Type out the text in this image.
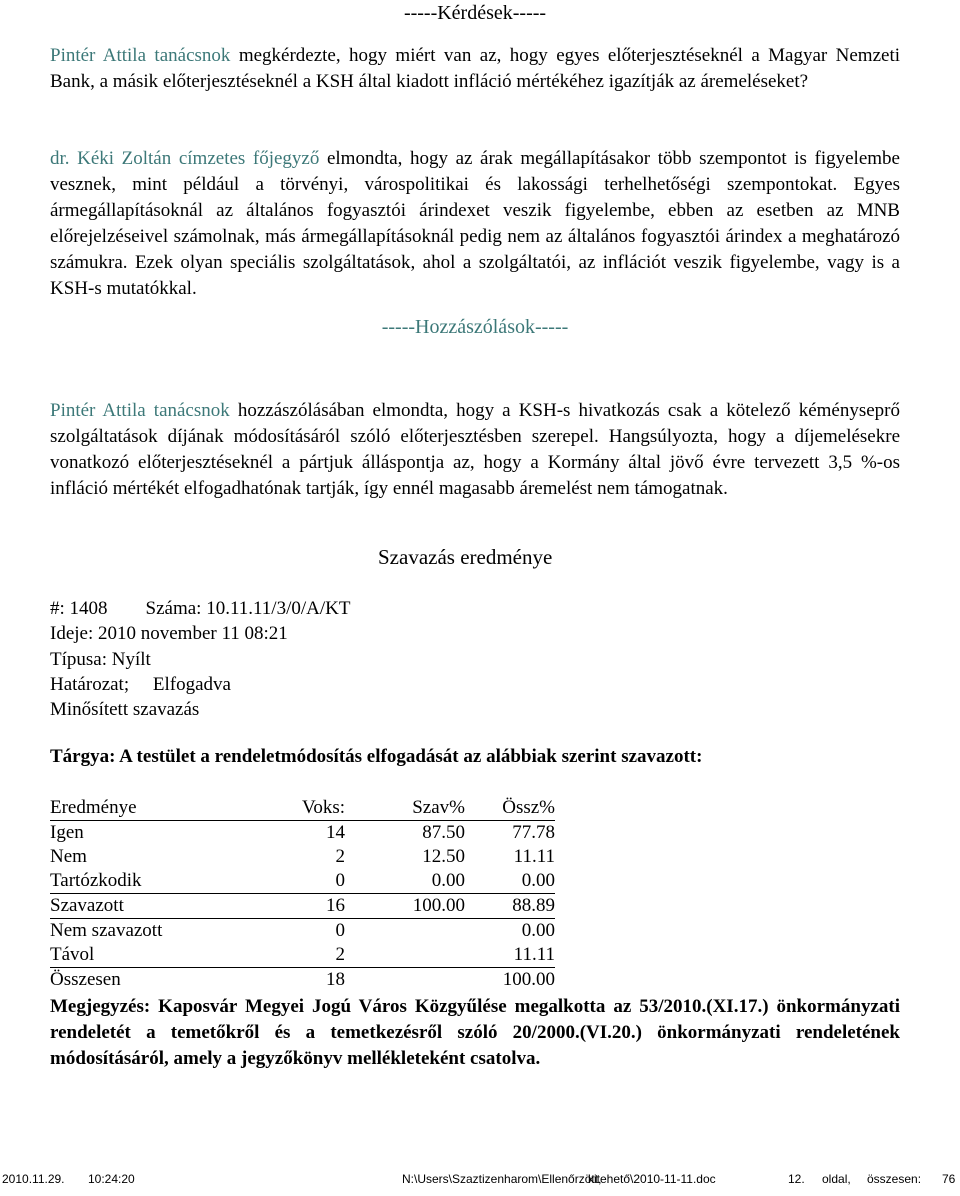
-----Kérdések-----
Pintér Attila tanácsnok megkérdezte, hogy miért van az, hogy egyes előterjesztéseknél a Magyar Nemzeti Bank, a másik előterjesztéseknél a KSH által kiadott infláció mértékéhez igazítják az áremeléseket?
dr. Kéki Zoltán címzetes főjegyző elmondta, hogy az árak megállapításakor több szempontot is figyelembe vesznek, mint például a törvényi, várospolitikai és lakossági terhelhetőségi szempontokat. Egyes ármegállapításoknál az általános fogyasztói árindexet veszik figyelembe, ebben az esetben az MNB előrejelzéseivel számolnak, más ármegállapításoknál pedig nem az általános fogyasztói árindex a meghatározó számukra. Ezek olyan speciális szolgáltatások, ahol a szolgáltatói, az inflációt veszik figyelembe, vagy is a KSH-s mutatókkal.
-----Hozzászólások-----
Pintér Attila tanácsnok hozzászólásában elmondta, hogy a KSH-s hivatkozás csak a kötelező kéményseprő szolgáltatások díjának módosításáról szóló előterjesztésben szerepel. Hangsúlyozta, hogy a díjemelésekre vonatkozó előterjesztéseknél a pártjuk álláspontja az, hogy a Kormány által jövő évre tervezett 3,5 %-os infláció mértékét elfogadhatónak tartják, így ennél magasabb áremelést nem támogatnak.
Szavazás eredménye
#: 1408        Száma: 10.11.11/3/0/A/KT
Ideje: 2010 november 11 08:21
Típusa: Nyílt
Határozat;     Elfogadva
Minősített szavazás
Tárgya: A testület a rendeletmódosítás elfogadását az alábbiak szerint szavazott:
Eredménye	Voks:	Szav%	Össz%
Igen	14	87.50	77.78
Nem	2	12.50	11.11
Tartózkodik	0	0.00	0.00
Szavazott	16	100.00	88.89
Nem szavazott	0		0.00
Távol	2		11.11
Összesen	18		100.00
Megjegyzés: Kaposvár Megyei Jogú Város Közgyűlése megalkotta az 53/2010.(XI.17.) önkormányzati rendeletét a temetőkről és a temetkezésről szóló 20/2000.(VI.20.) önkormányzati rendeletének módosításáról, amely a jegyzőkönyv mellékleteként csatolva.
2010.11.29. 10:24:20	N:\Users\Szaztizenharom\Ellenőrzött,
kitehető\2010-11-11.doc	12. oldal, összesen: 76
